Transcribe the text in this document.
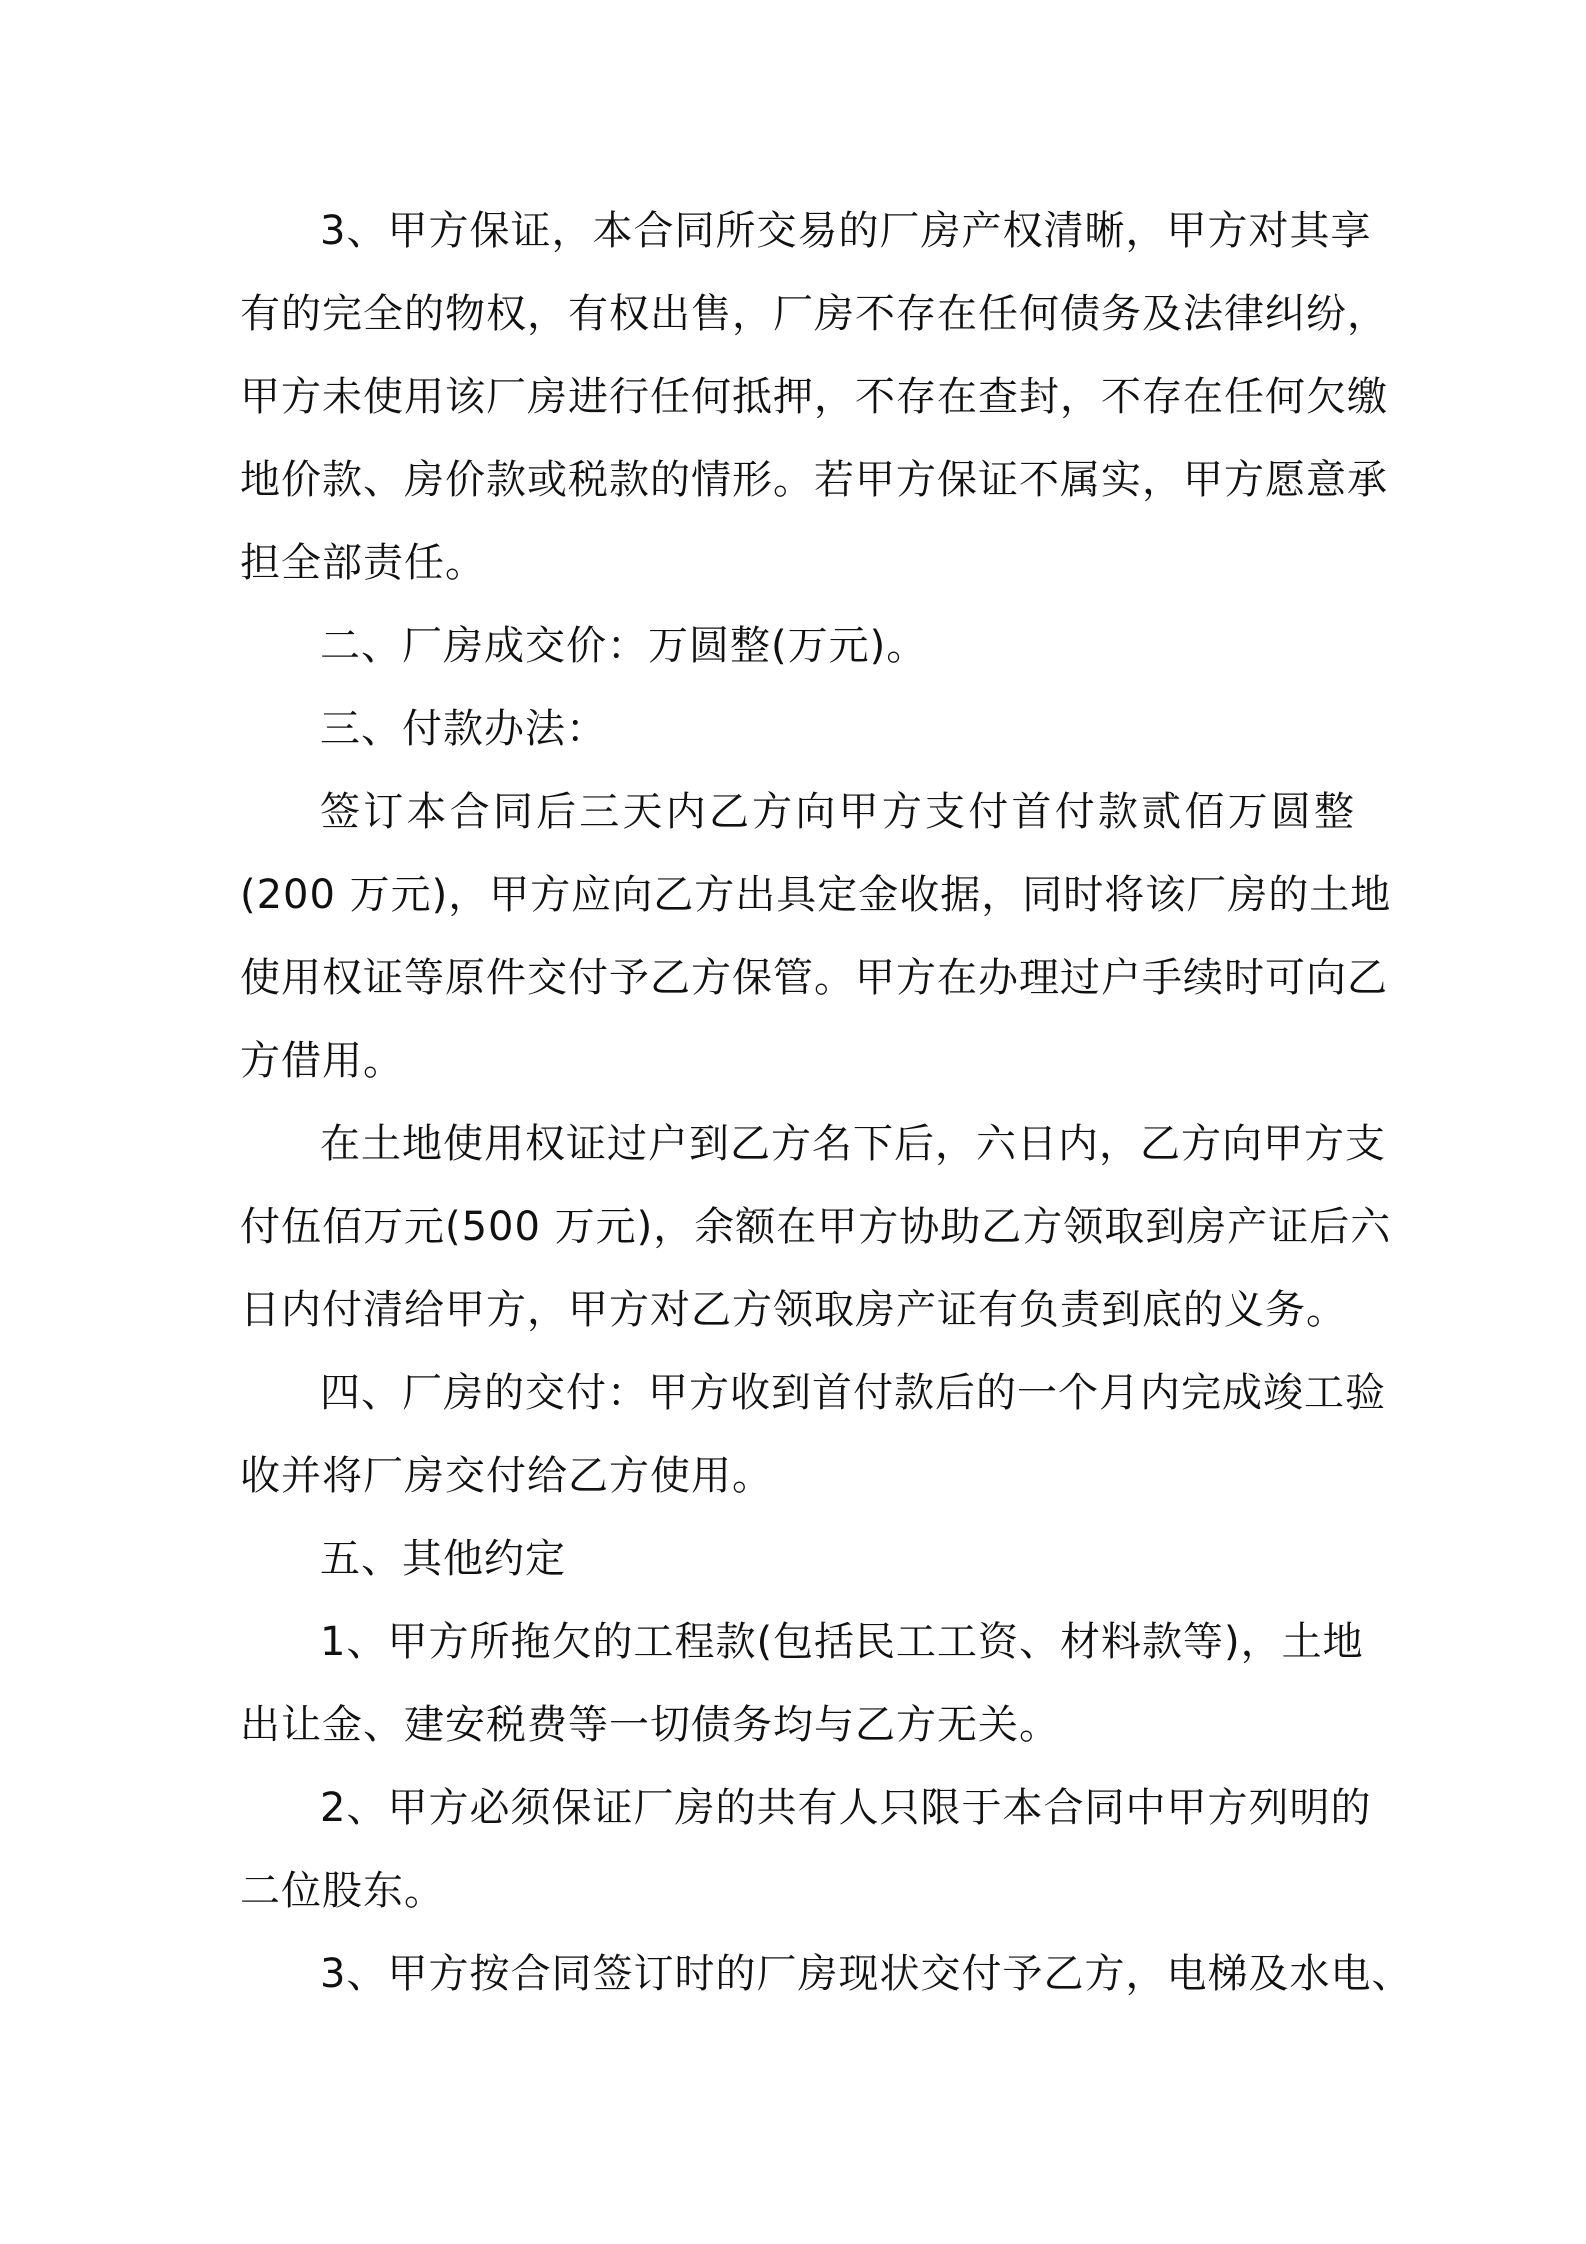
3、甲方保证，本合同所交易的厂房产权清晰，甲方对其享
有的完全的物权，有权出售，厂房不存在任何债务及法律纠纷，
甲方未使用该厂房进行任何抵押，不存在查封，不存在任何欠缴
地价款、房价款或税款的情形。若甲方保证不属实，甲方愿意承
担全部责任。
二、厂房成交价：万圆整(万元)。
三、付款办法：
签订本合同后三天内乙方向甲方支付首付款贰佰万圆整
(200 万元)，甲方应向乙方出具定金收据，同时将该厂房的土地
使用权证等原件交付予乙方保管。甲方在办理过户手续时可向乙
方借用。
在土地使用权证过户到乙方名下后，六日内，乙方向甲方支
付伍佰万元(500 万元)，余额在甲方协助乙方领取到房产证后六
日内付清给甲方，甲方对乙方领取房产证有负责到底的义务。
四、厂房的交付：甲方收到首付款后的一个月内完成竣工验
收并将厂房交付给乙方使用。
五、其他约定
1、甲方所拖欠的工程款(包括民工工资、材料款等)，土地
出让金、建安税费等一切债务均与乙方无关。
2、甲方必须保证厂房的共有人只限于本合同中甲方列明的
二位股东。
3、甲方按合同签订时的厂房现状交付予乙方，电梯及水电、
